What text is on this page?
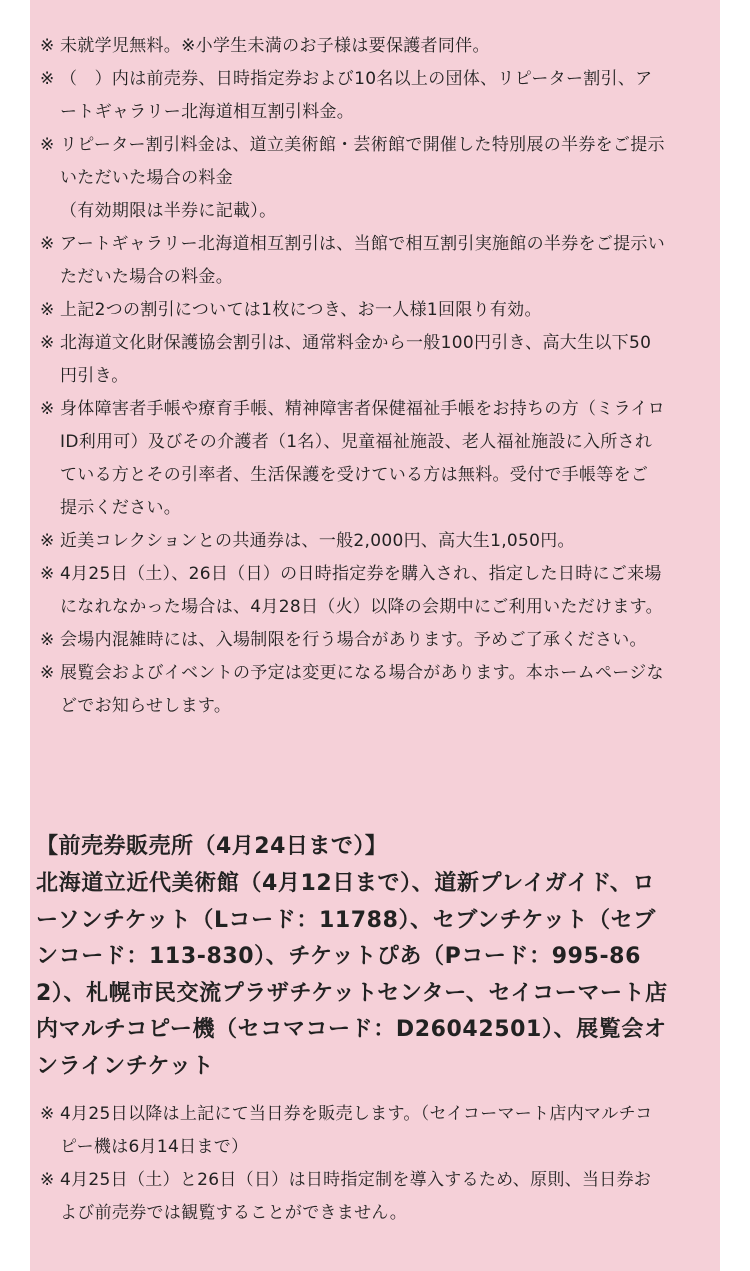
※ 未就学児無料。※小学生未満のお子様は要保護者同伴。
※ （　）内は前売券、日時指定券および10名以上の団体、リピーター割引、アートギャラリー北海道相互割引料金。
※ リピーター割引料金は、道立美術館・芸術館で開催した特別展の半券をご提示いただいた場合の料金
（有効期限は半券に記載）。
※ アートギャラリー北海道相互割引は、当館で相互割引実施館の半券をご提示いただいた場合の料金。
※ 上記2つの割引については1枚につき、お一人様1回限り有効。
※ 北海道文化財保護協会割引は、通常料金から一般100円引き、高大生以下50円引き。
※ 身体障害者手帳や療育手帳、精神障害者保健福祉手帳をお持ちの方（ミライロID利用可）及びその介護者（1名）、児童福祉施設、老人福祉施設に入所されている方とその引率者、生活保護を受けている方は無料。受付で手帳等をご提示ください。
※ 近美コレクションとの共通券は、一般2,000円、高大生1,050円。
※ 4月25日（土）、26日（日）の日時指定券を購入され、指定した日時にご来場になれなかった場合は、4月28日（火）以降の会期中にご利用いただけます。
※ 会場内混雑時には、入場制限を行う場合があります。予めご了承ください。
※ 展覧会およびイベントの予定は変更になる場合があります。本ホームページなどでお知らせします。

【前売券販売所（4月24日まで）】

北海道立近代美術館（4月12日まで）、道新プレイガイド、ローソンチケット（Lコード：11788）、セブンチケット（セブンコード：113-830）、チケットぴあ（Pコード：995-862）、札幌市民交流プラザチケットセンター、セイコーマート店内マルチコピー機（セコマコード：D26042501）、展覧会オンラインチケット

※ 4月25日以降は上記にて当日券を販売します。（セイコーマート店内マルチコピー機は6月14日まで）
※ 4月25日（土）と26日（日）は日時指定制を導入するため、原則、当日券および前売券では観覧することができません。
